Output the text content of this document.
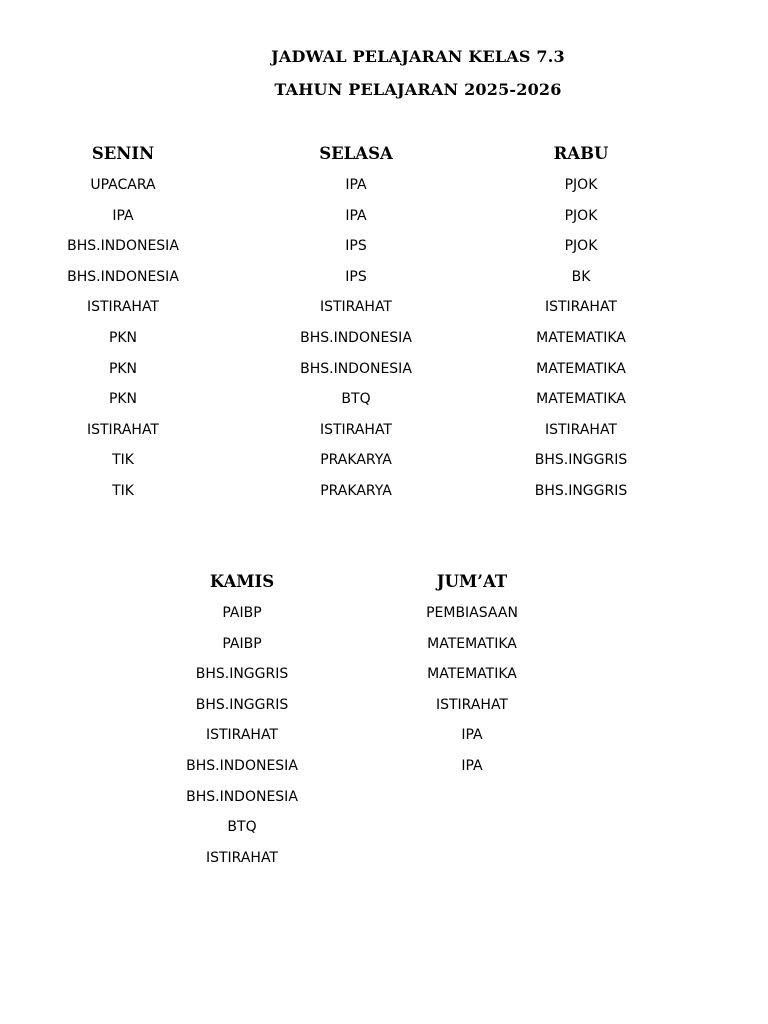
JADWAL PELAJARAN KELAS 7.3
TAHUN PELAJARAN 2025-2026
SENIN
UPACARA
IPA
BHS.INDONESIA
BHS.INDONESIA
ISTIRAHAT
PKN
PKN
PKN
ISTIRAHAT
TIK
TIK
SELASA
IPA
IPA
IPS
IPS
ISTIRAHAT
BHS.INDONESIA
BHS.INDONESIA
BTQ
ISTIRAHAT
PRAKARYA
PRAKARYA
RABU
PJOK
PJOK
PJOK
BK
ISTIRAHAT
MATEMATIKA
MATEMATIKA
MATEMATIKA
ISTIRAHAT
BHS.INGGRIS
BHS.INGGRIS
KAMIS
PAIBP
PAIBP
BHS.INGGRIS
BHS.INGGRIS
ISTIRAHAT
BHS.INDONESIA
BHS.INDONESIA
BTQ
ISTIRAHAT
JUM’AT
PEMBIASAAN
MATEMATIKA
MATEMATIKA
ISTIRAHAT
IPA
IPA
